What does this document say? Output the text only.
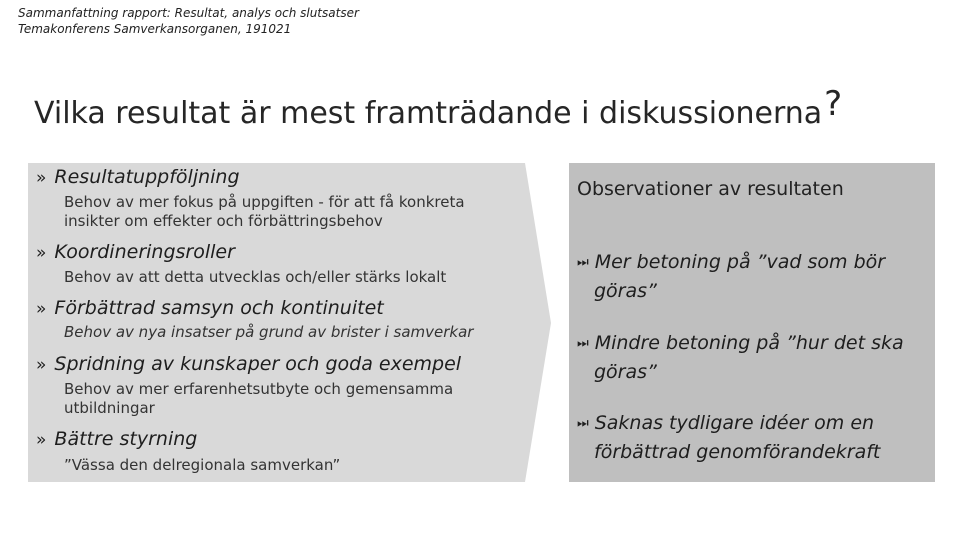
Sammanfattning rapport: Resultat, analys och slutsatser
Temakonferens Samverkansorganen, 191021
Vilka resultat är mest framträdande i diskussionerna?
» Resultatuppföljning
Behov av mer fokus på uppgiften - för att få konkreta insikter om effekter och förbättringsbehov
» Koordineringsroller
Behov av att detta utvecklas och/eller stärks lokalt
» Förbättrad samsyn och kontinuitet
Behov av nya insatser på grund av brister i samverkar
» Spridning av kunskaper och goda exempel
Behov av mer erfarenhetsutbyte och gemensamma utbildningar
» Bättre styrning
”Vässa den delregionala samverkan”
Observationer av resultaten
⏭ Mer betoning på ”vad som bör
göras”
⏭ Mindre betoning på ”hur det ska
göras”
⏭ Saknas tydligare idéer om en
förbättrad genomförandekraft
